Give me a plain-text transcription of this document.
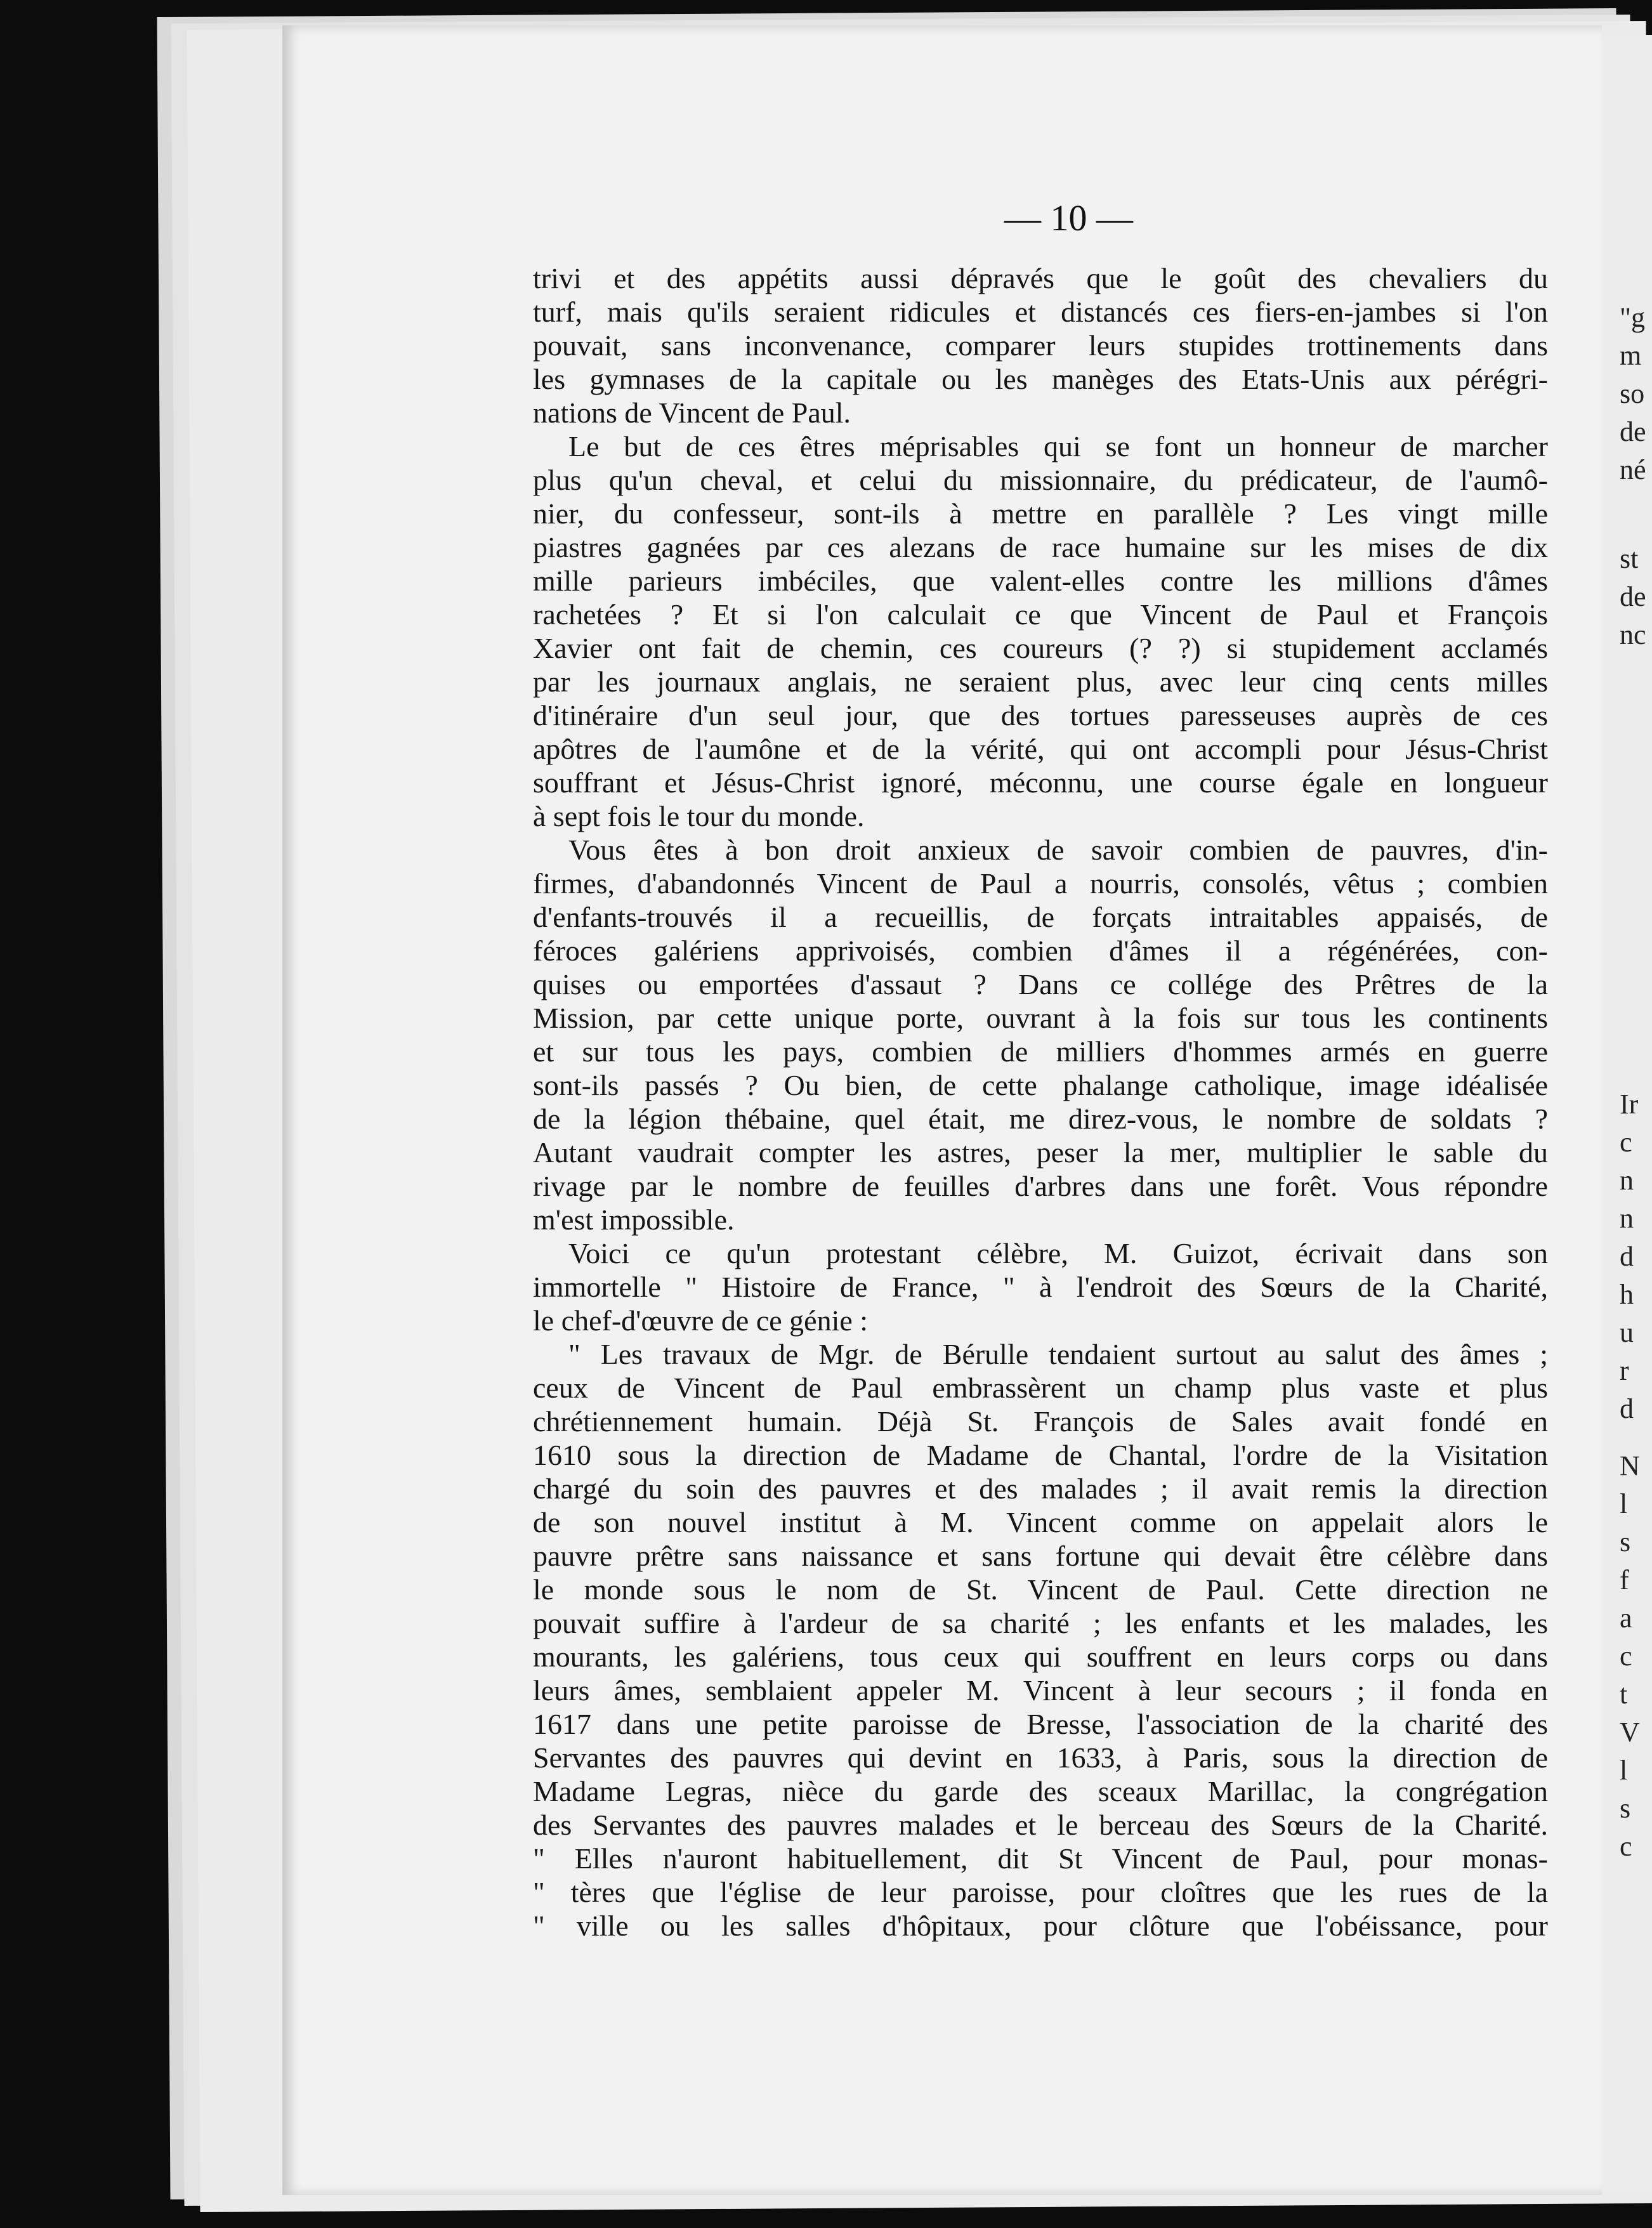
"g
m
so
de
né
st
de
nc
Ir
c
n
n
d
h
u
r
d
N
l
s
f
a
c
t
V
l
s
c
— 10 —
trivi et des appétits aussi dépravés que le goût des chevaliers du
turf, mais qu'ils seraient ridicules et distancés ces fiers-en-jambes si l'on
pouvait, sans inconvenance, comparer leurs stupides trottinements dans
les gymnases de la capitale ou les manèges des Etats-Unis aux pérégri-
nations de Vincent de Paul.
Le but de ces êtres méprisables qui se font un honneur de marcher
plus qu'un cheval, et celui du missionnaire, du prédicateur, de l'aumô-
nier, du confesseur, sont-ils à mettre en parallèle ? Les vingt mille
piastres gagnées par ces alezans de race humaine sur les mises de dix
mille parieurs imbéciles, que valent-elles contre les millions d'âmes
rachetées ? Et si l'on calculait ce que Vincent de Paul et François
Xavier ont fait de chemin, ces coureurs (? ?) si stupidement acclamés
par les journaux anglais, ne seraient plus, avec leur cinq cents milles
d'itinéraire d'un seul jour, que des tortues paresseuses auprès de ces
apôtres de l'aumône et de la vérité, qui ont accompli pour Jésus-Christ
souffrant et Jésus-Christ ignoré, méconnu, une course égale en longueur
à sept fois le tour du monde.
Vous êtes à bon droit anxieux de savoir combien de pauvres, d'in-
firmes, d'abandonnés Vincent de Paul a nourris, consolés, vêtus ; combien
d'enfants-trouvés il a recueillis, de forçats intraitables appaisés, de
féroces galériens apprivoisés, combien d'âmes il a régénérées, con-
quises ou emportées d'assaut ? Dans ce collége des Prêtres de la
Mission, par cette unique porte, ouvrant à la fois sur tous les continents
et sur tous les pays, combien de milliers d'hommes armés en guerre
sont-ils passés ? Ou bien, de cette phalange catholique, image idéalisée
de la légion thébaine, quel était, me direz-vous, le nombre de soldats ?
Autant vaudrait compter les astres, peser la mer, multiplier le sable du
rivage par le nombre de feuilles d'arbres dans une forêt. Vous répondre
m'est impossible.
Voici ce qu'un protestant célèbre, M. Guizot, écrivait dans son
immortelle " Histoire de France, " à l'endroit des Sœurs de la Charité,
le chef-d'œuvre de ce génie :
" Les travaux de Mgr. de Bérulle tendaient surtout au salut des âmes ;
ceux de Vincent de Paul embrassèrent un champ plus vaste et plus
chrétiennement humain. Déjà St. François de Sales avait fondé en
1610 sous la direction de Madame de Chantal, l'ordre de la Visitation
chargé du soin des pauvres et des malades ; il avait remis la direction
de son nouvel institut à M. Vincent comme on appelait alors le
pauvre prêtre sans naissance et sans fortune qui devait être célèbre dans
le monde sous le nom de St. Vincent de Paul. Cette direction ne
pouvait suffire à l'ardeur de sa charité ; les enfants et les malades, les
mourants, les galériens, tous ceux qui souffrent en leurs corps ou dans
leurs âmes, semblaient appeler M. Vincent à leur secours ; il fonda en
1617 dans une petite paroisse de Bresse, l'association de la charité des
Servantes des pauvres qui devint en 1633, à Paris, sous la direction de
Madame Legras, nièce du garde des sceaux Marillac, la congrégation
des Servantes des pauvres malades et le berceau des Sœurs de la Charité.
" Elles n'auront habituellement, dit St Vincent de Paul, pour monas-
" tères que l'église de leur paroisse, pour cloîtres que les rues de la
" ville ou les salles d'hôpitaux, pour clôture que l'obéissance, pour
